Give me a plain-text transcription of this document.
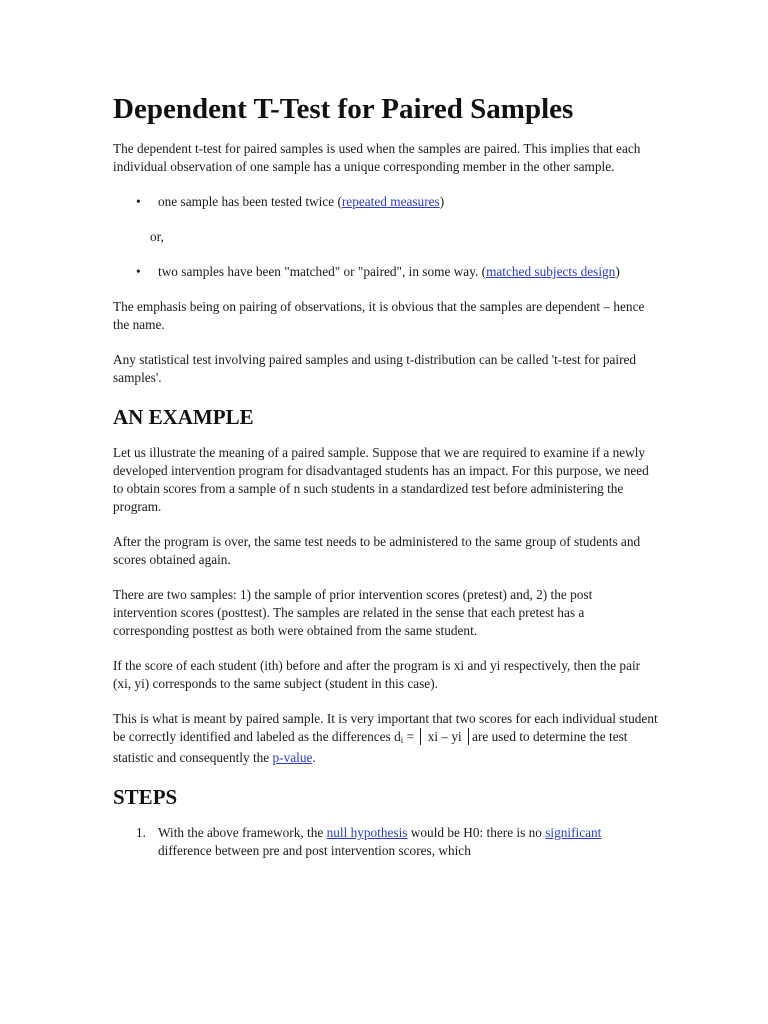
Dependent T-Test for Paired Samples

The dependent t-test for paired samples is used when the samples are paired. This implies that each individual observation of one sample has a unique corresponding member in the other sample.

• one sample has been tested twice (repeated measures)
or,
• two samples have been "matched" or "paired", in some way. (matched subjects design)

The emphasis being on pairing of observations, it is obvious that the samples are dependent – hence the name.

Any statistical test involving paired samples and using t-distribution can be called 't-test for paired samples'.

AN EXAMPLE

Let us illustrate the meaning of a paired sample. Suppose that we are required to examine if a newly developed intervention program for disadvantaged students has an impact. For this purpose, we need to obtain scores from a sample of n such students in a standardized test before administering the program.

After the program is over, the same test needs to be administered to the same group of students and scores obtained again.

There are two samples: 1) the sample of prior intervention scores (pretest) and, 2) the post intervention scores (posttest). The samples are related in the sense that each pretest has a corresponding posttest as both were obtained from the same student.

If the score of each student (ith) before and after the program is xi and yi respectively, then the pair (xi, yi) corresponds to the same subject (student in this case).

This is what is meant by paired sample. It is very important that two scores for each individual student be correctly identified and labeled as the differences $d_i$ =  xi – yi are used to determine the test statistic and consequently the p-value.

STEPS
1. With the above framework, the null hypothesis would be H0: there is no significant difference between pre and post intervention scores, which
